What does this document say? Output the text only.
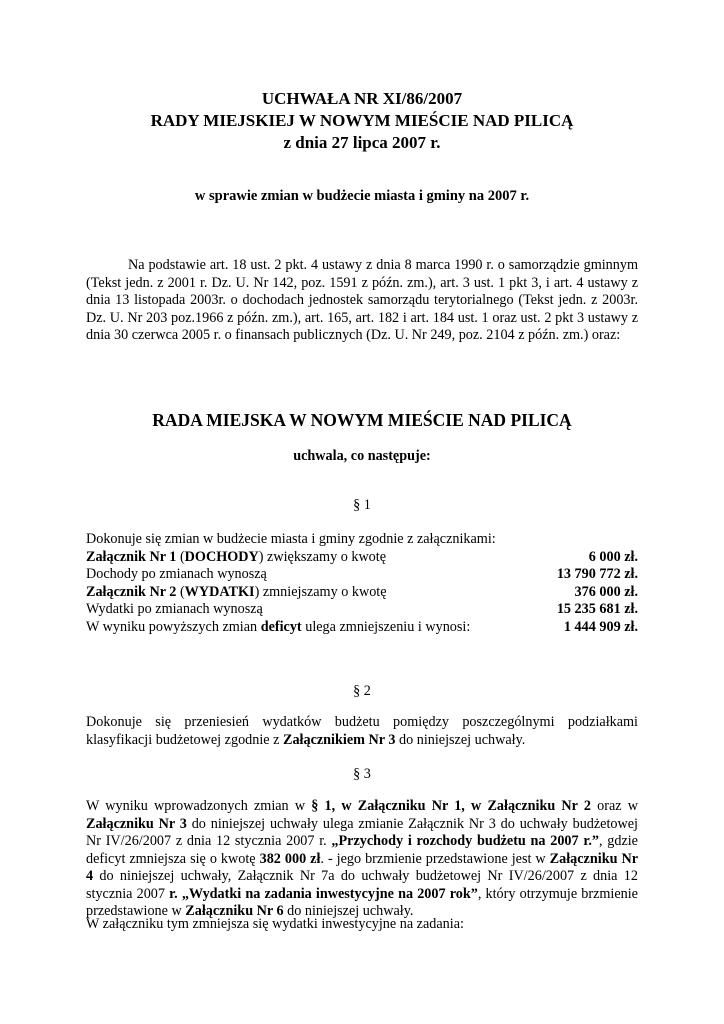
UCHWAŁA NR XI/86/2007
RADY MIEJSKIEJ W NOWYM MIEŚCIE NAD PILICĄ
z dnia 27 lipca 2007 r.
w sprawie zmian w budżecie miasta i gminy na 2007 r.
Na podstawie art. 18 ust. 2 pkt. 4 ustawy z dnia 8 marca 1990 r. o samorządzie gminnym (Tekst jedn. z 2001 r. Dz. U. Nr 142, poz. 1591 z późn. zm.), art. 3 ust. 1 pkt 3, i art. 4 ustawy z dnia 13 listopada 2003r. o dochodach jednostek samorządu terytorialnego (Tekst jedn. z 2003r. Dz. U. Nr 203 poz.1966 z późn. zm.), art. 165, art. 182 i art. 184 ust. 1 oraz ust. 2 pkt 3 ustawy z dnia 30 czerwca 2005 r. o finansach publicznych (Dz. U. Nr 249, poz. 2104 z późn. zm.) oraz:
RADA MIEJSKA W NOWYM MIEŚCIE NAD PILICĄ
uchwala, co następuje:
§ 1
Dokonuje się zmian w budżecie miasta i gminy zgodnie z załącznikami:
Załącznik Nr 1 (DOCHODY) zwiększamy o kwotę	6 000 zł.
Dochody po zmianach wynoszą	13 790 772 zł.
Załącznik Nr 2 (WYDATKI) zmniejszamy o kwotę	376 000 zł.
Wydatki po zmianach wynoszą	15 235 681 zł.
W wyniku powyższych zmian deficyt ulega zmniejszeniu i wynosi:	1 444 909 zł.
§ 2
Dokonuje się przeniesień wydatków budżetu pomiędzy poszczególnymi podziałkami klasyfikacji budżetowej zgodnie z Załącznikiem Nr 3 do niniejszej uchwały.
§ 3
W wyniku wprowadzonych zmian w § 1, w Załączniku Nr 1, w Załączniku Nr 2 oraz w Załączniku Nr 3 do niniejszej uchwały ulega zmianie Załącznik Nr 3 do uchwały budżetowej Nr IV/26/2007 z dnia 12 stycznia 2007 r. „Przychody i rozchody budżetu na 2007 r.”, gdzie deficyt zmniejsza się o kwotę 382 000 zł. - jego brzmienie przedstawione jest w Załączniku Nr 4 do niniejszej uchwały, Załącznik Nr 7a do uchwały budżetowej Nr IV/26/2007 z dnia 12 stycznia 2007 r. „Wydatki na zadania inwestycyjne na 2007 rok”, który otrzymuje brzmienie przedstawione w Załączniku Nr 6 do niniejszej uchwały.
W załączniku tym zmniejsza się wydatki inwestycyjne na zadania:
